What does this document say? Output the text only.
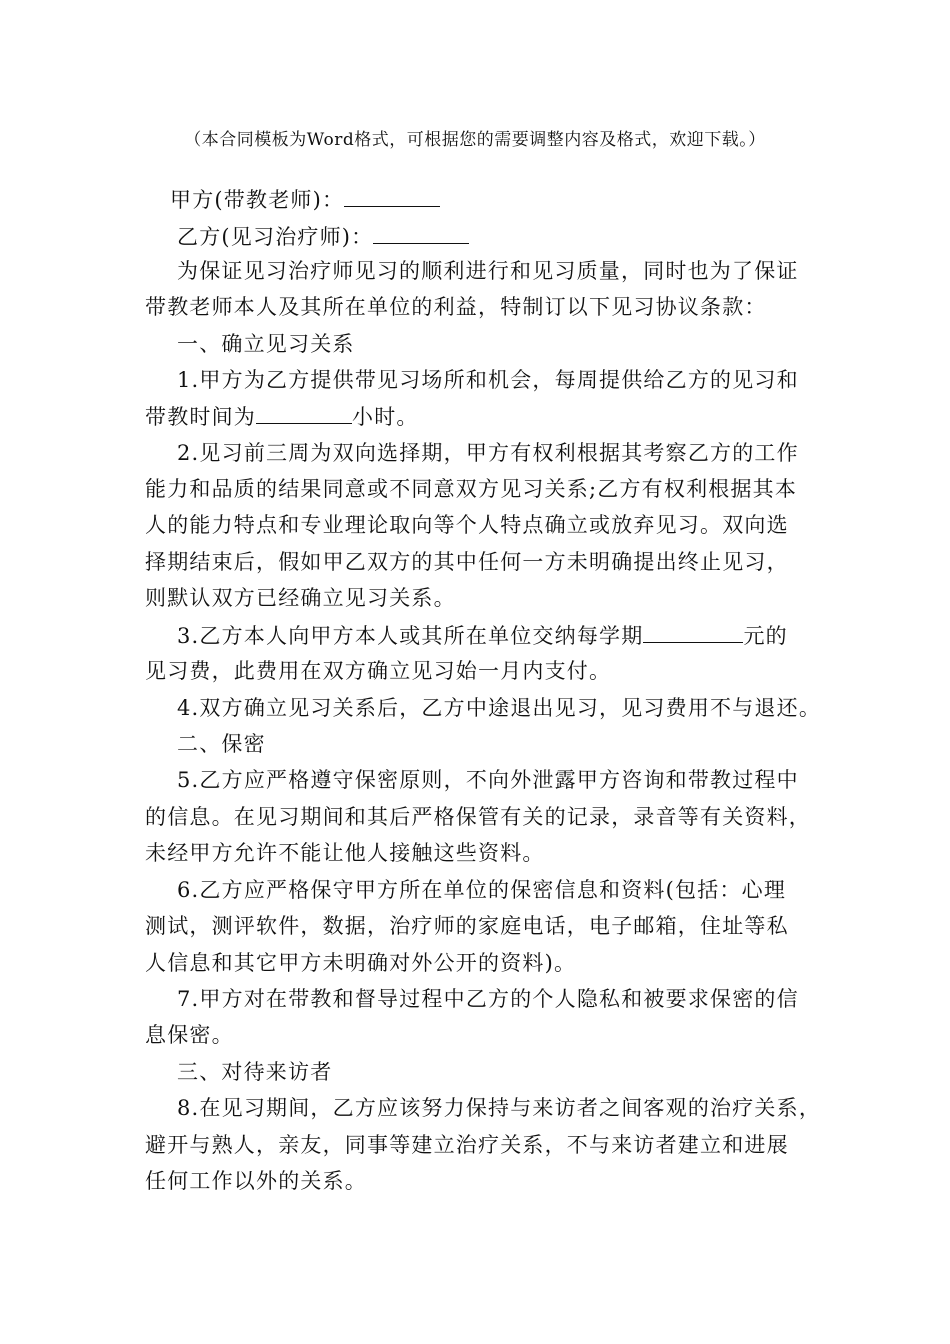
（本合同模板为Word格式，可根据您的需要调整内容及格式，欢迎下载。）
甲方(带教老师)：
乙方(见习治疗师)：
为保证见习治疗师见习的顺利进行和见习质量，同时也为了保证
带教老师本人及其所在单位的利益，特制订以下见习协议条款：
一、确立见习关系
1.甲方为乙方提供带见习场所和机会，每周提供给乙方的见习和
带教时间为	小时。
2.见习前三周为双向选择期，甲方有权利根据其考察乙方的工作
能力和品质的结果同意或不同意双方见习关系;乙方有权利根据其本
人的能力特点和专业理论取向等个人特点确立或放弃见习。双向选
择期结束后，假如甲乙双方的其中任何一方未明确提出终止见习，
则默认双方已经确立见习关系。
3.乙方本人向甲方本人或其所在单位交纳每学期	元的
见习费，此费用在双方确立见习始一月内支付。
4.双方确立见习关系后，乙方中途退出见习，见习费用不与退还。
二、保密
5.乙方应严格遵守保密原则，不向外泄露甲方咨询和带教过程中
的信息。在见习期间和其后严格保管有关的记录，录音等有关资料，
未经甲方允许不能让他人接触这些资料。
6.乙方应严格保守甲方所在单位的保密信息和资料(包括：心理
测试，测评软件，数据，治疗师的家庭电话，电子邮箱，住址等私
人信息和其它甲方未明确对外公开的资料)。
7.甲方对在带教和督导过程中乙方的个人隐私和被要求保密的信
息保密。
三、对待来访者
8.在见习期间，乙方应该努力保持与来访者之间客观的治疗关系，
避开与熟人，亲友，同事等建立治疗关系，不与来访者建立和进展
任何工作以外的关系。
